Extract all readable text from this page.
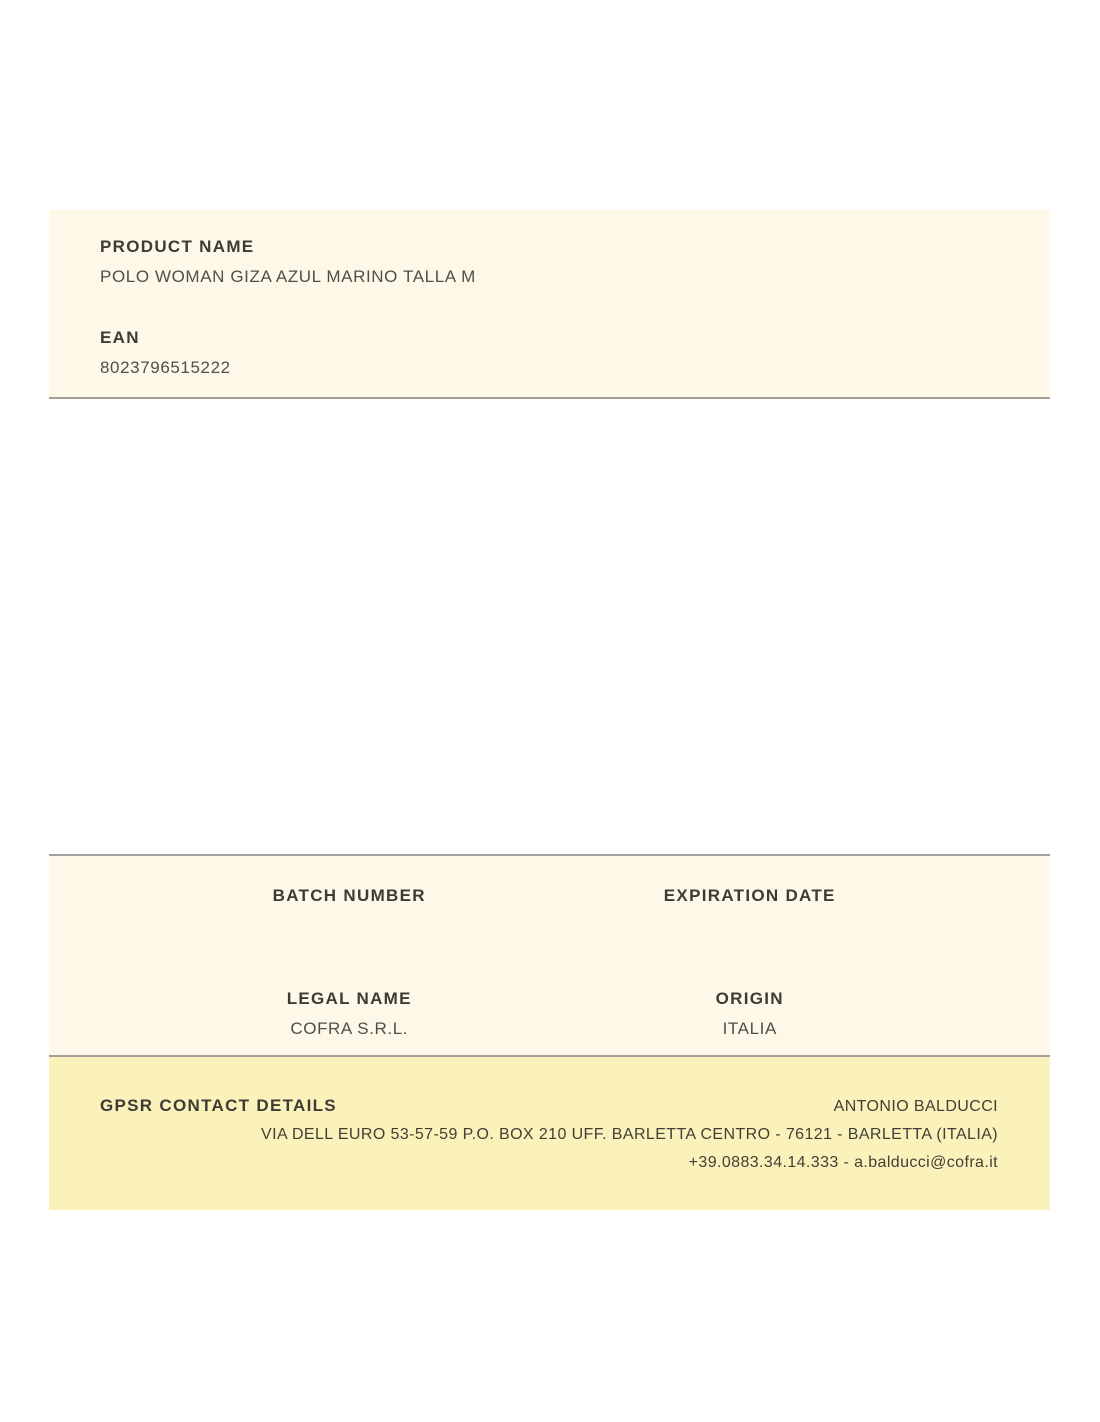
PRODUCT NAME
POLO WOMAN GIZA AZUL MARINO TALLA M
EAN
8023796515222
BATCH NUMBER	EXPIRATION DATE
LEGAL NAME
COFRA S.R.L.
ORIGIN
ITALIA
GPSR CONTACT DETAILS	ANTONIO BALDUCCI
VIA DELL EURO 53-57-59 P.O. BOX 210 UFF. BARLETTA CENTRO - 76121 - BARLETTA (ITALIA)
+39.0883.34.14.333 - a.balducci@cofra.it
